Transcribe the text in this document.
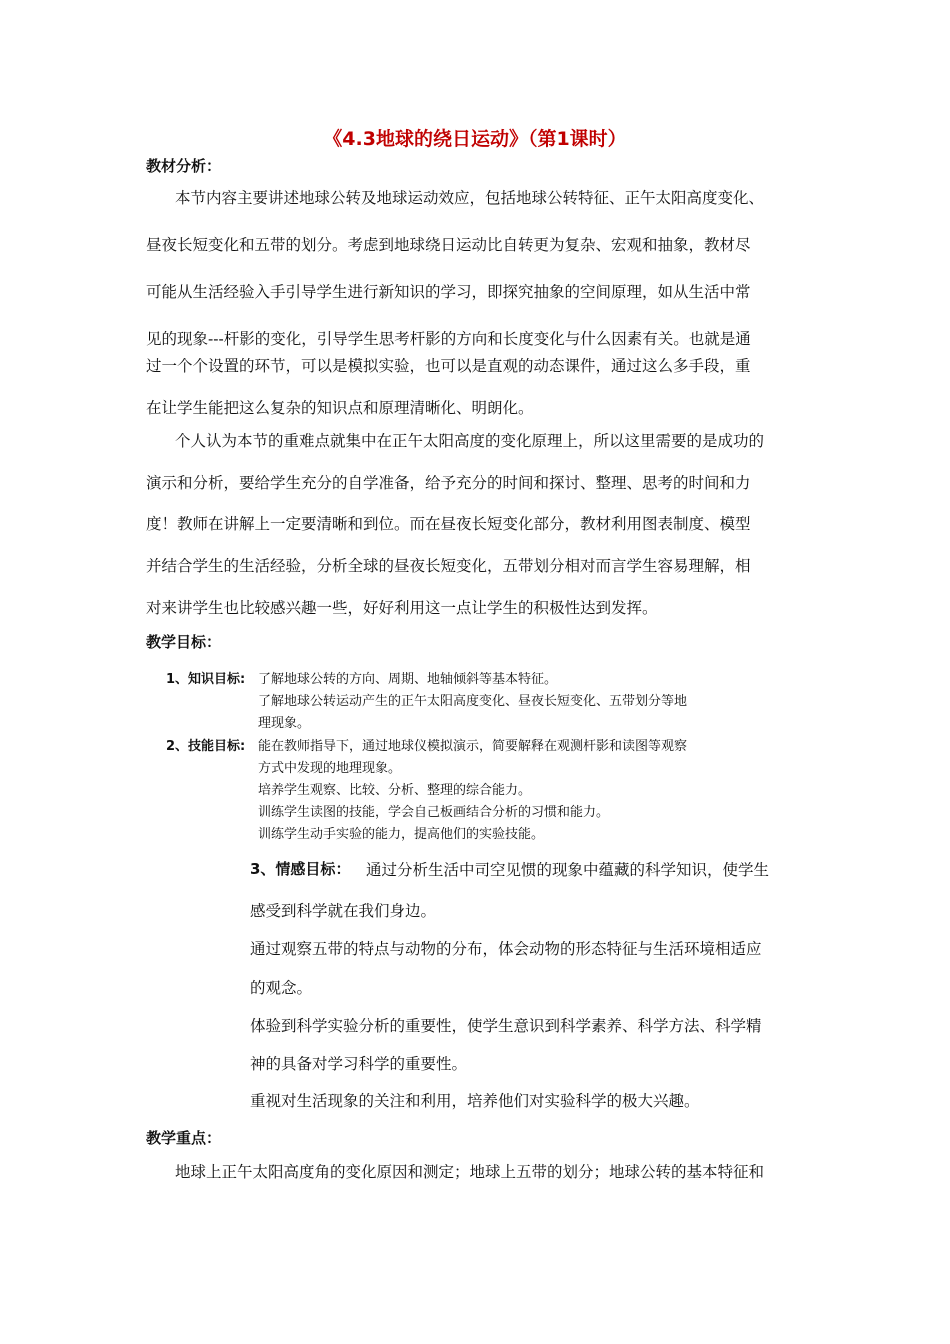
《4.3地球的绕日运动》（第1课时）
教材分析：
本节内容主要讲述地球公转及地球运动效应，包括地球公转特征、正午太阳高度变化、
昼夜长短变化和五带的划分。考虑到地球绕日运动比自转更为复杂、宏观和抽象，教材尽
可能从生活经验入手引导学生进行新知识的学习，即探究抽象的空间原理，如从生活中常
见的现象---杆影的变化，引导学生思考杆影的方向和长度变化与什么因素有关。也就是通
过一个个设置的环节，可以是模拟实验，也可以是直观的动态课件，通过这么多手段，重
在让学生能把这么复杂的知识点和原理清晰化、明朗化。
个人认为本节的重难点就集中在正午太阳高度的变化原理上，所以这里需要的是成功的
演示和分析，要给学生充分的自学准备，给予充分的时间和探讨、整理、思考的时间和力
度！教师在讲解上一定要清晰和到位。而在昼夜长短变化部分，教材利用图表制度、模型
并结合学生的生活经验，分析全球的昼夜长短变化，五带划分相对而言学生容易理解，相
对来讲学生也比较感兴趣一些，好好利用这一点让学生的积极性达到发挥。
教学目标：
1、知识目标: 了解地球公转的方向、周期、地轴倾斜等基本特征。
了解地球公转运动产生的正午太阳高度变化、昼夜长短变化、五带划分等地
理现象。
2、技能目标: 能在教师指导下，通过地球仪模拟演示，简要解释在观测杆影和读图等观察
方式中发现的地理现象。
培养学生观察、比较、分析、整理的综合能力。
训练学生读图的技能，学会自己板画结合分析的习惯和能力。
训练学生动手实验的能力，提高他们的实验技能。
3、情感目标： 通过分析生活中司空见惯的现象中蕴藏的科学知识，使学生
感受到科学就在我们身边。
通过观察五带的特点与动物的分布，体会动物的形态特征与生活环境相适应
的观念。
体验到科学实验分析的重要性，使学生意识到科学素养、科学方法、科学精
神的具备对学习科学的重要性。
重视对生活现象的关注和利用，培养他们对实验科学的极大兴趣。
教学重点：
地球上正午太阳高度角的变化原因和测定；地球上五带的划分；地球公转的基本特征和
